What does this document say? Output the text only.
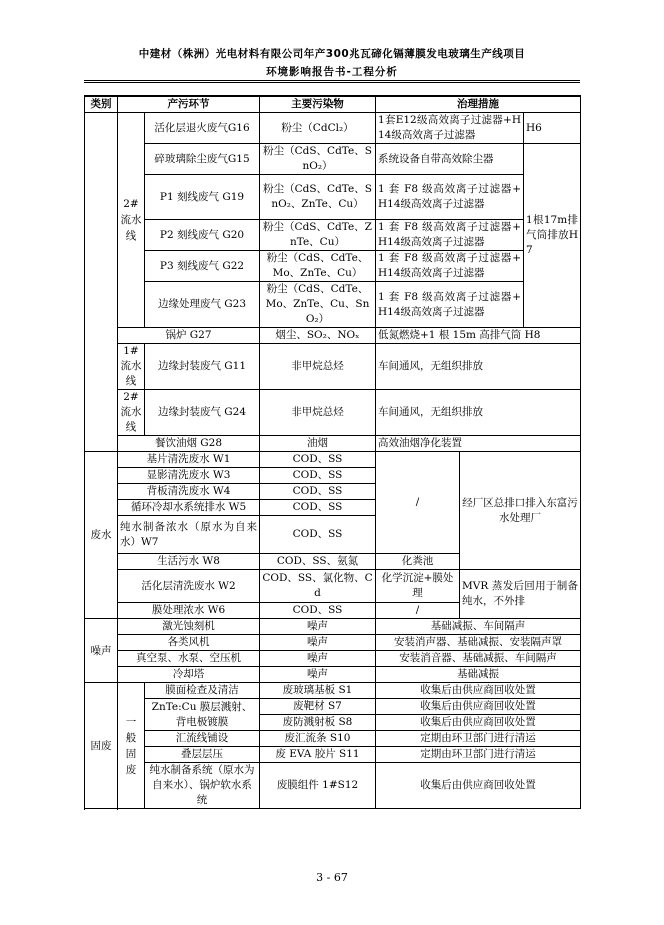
中建材（株洲）光电材料有限公司年产300兆瓦碲化镉薄膜发电玻璃生产线项目
环境影响报告书-工程分析
类别	产污环节		主要污染物	治理措施		
	2#流水线	活化层退火废气G16	粉尘（CdCl₂）	1套E12级高效离子过滤器+H14级高效离子过滤器		H6
		碎玻璃除尘废气G15	粉尘（CdS、CdTe、SnO₂）	系统设备自带高效除尘器		1根17m排气筒排放H7
		P1 刻线废气 G19	粉尘（CdS、CdTe、SnO₂、ZnTe、Cu）	1 套 F8 级高效离子过滤器+H14级高效离子过滤器		
		P2 刻线废气 G20	粉尘（CdS、CdTe、ZnTe、Cu）	1 套 F8 级高效离子过滤器+H14级高效离子过滤器		
		P3 刻线废气 G22	粉尘（CdS、CdTe、Mo、ZnTe、Cu）	1 套 F8 级高效离子过滤器+H14级高效离子过滤器		
		边缘处理废气 G23	粉尘（CdS、CdTe、Mo、ZnTe、Cu、SnO₂）	1 套 F8 级高效离子过滤器+H14级高效离子过滤器		
	锅炉 G27		烟尘、SO₂、NOₓ	低氮燃烧+1 根 15m 高排气筒 H8		
	1#流水线	边缘封装废气 G11	非甲烷总烃	车间通风，无组织排放		
	2#流水线	边缘封装废气 G24	非甲烷总烃	车间通风，无组织排放		
	餐饮油烟 G28		油烟	高效油烟净化装置		

废水	基片清洗废水 W1		COD、SS	/	经厂区总排口排入东富污水处理厂	
	显影清洗废水 W3		COD、SS			
	背板清洗废水 W4		COD、SS			
	循环冷却水系统排水 W5		COD、SS			
	纯水制备浓水（原水为自来水）W7		COD、SS			
	生活污水 W8		COD、SS、氨氮	化粪池		
	活化层清洗废水 W2		COD、SS、氯化物、Cd	化学沉淀+膜处理	MVR 蒸发后回用于制备纯水，不外排	
	膜处理浓水 W6		COD、SS	/		

噪声	激光蚀刻机		噪声	基础减振、车间隔声		
	各类风机		噪声	安装消声器、基础减振、安装隔声罩		
	真空泵、水泵、空压机		噪声	安装消音器、基础减振、车间隔声		
	冷却塔		噪声	基础减振		
固废	一般固废	膜面检查及清洁	废玻璃基板 S1	收集后由供应商回收处置		
		ZnTe:Cu 膜层溅射、背电极镀膜	废靶材 S7	收集后由供应商回收处置		
			废防溅射板 S8	收集后由供应商回收处置		
		汇流线铺设	废汇流条 S10	定期由环卫部门进行清运		
		叠层层压	废 EVA 胶片 S11	定期由环卫部门进行清运		
		纯水制备系统（原水为自来水）、锅炉软水系统	废膜组件 1#S12	收集后由供应商回收处置		

3 - 67
